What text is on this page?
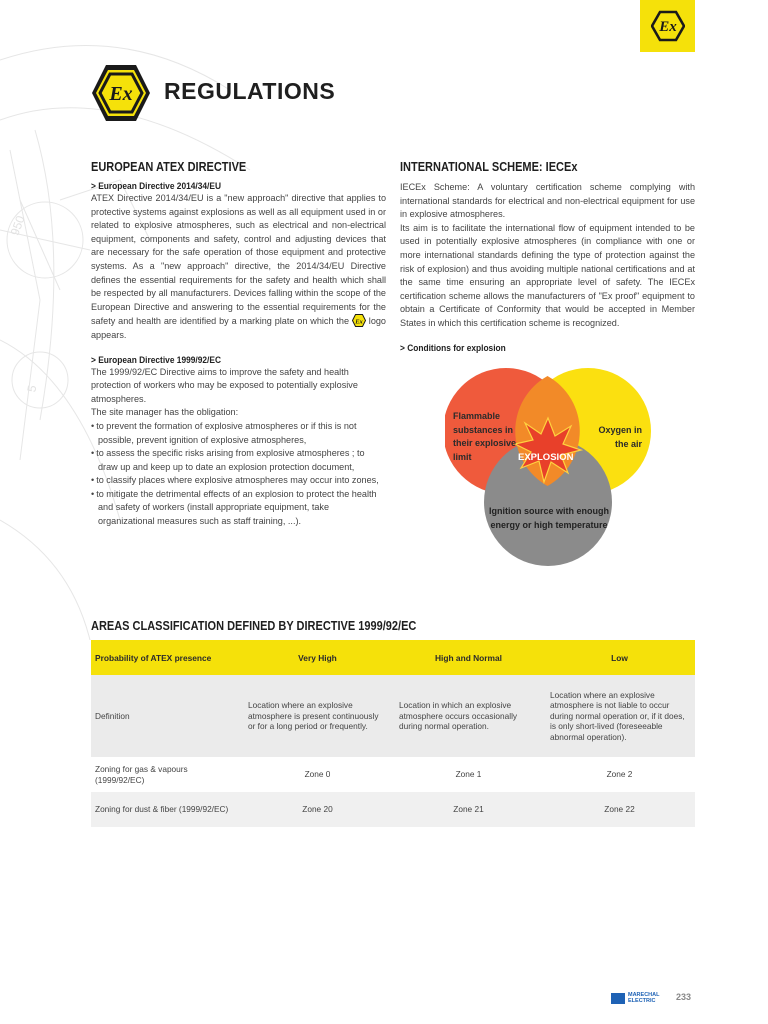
950
5
Ex
Ex REGULATIONS
EUROPEAN ATEX DIRECTIVE
> European Directive 2014/34/EU

ATEX Directive 2014/34/EU is a "new approach" directive that applies to protective systems against explosions as well as all equipment used in or related to explosive atmospheres, such as electrical and non-electrical equipment, components and safety, control and adjusting devices that are necessary for the safe operation of those equipment and protective systems. As a "new approach" directive, the 2014/34/EU Directive defines the essential requirements for the safety and health which shall be respected by all manufacturers. Devices falling within the scope of the European Directive and answering to the essential requirements for the safety and health are identified by a marking plate on which the Ex logo appears.

> European Directive 1999/92/EC

The 1999/92/EC Directive aims to improve the safety and health protection of workers who may be exposed to potentially explosive atmospheres.

The site manager has the obligation:

• to prevent the formation of explosive atmospheres or if this is not possible, prevent ignition of explosive atmospheres,
• to assess the specific risks arising from explosive atmospheres ; to draw up and keep up to date an explosion protection document,
• to classify places where explosive atmospheres may occur into zones,
• to mitigate the detrimental effects of an explosion to protect the health and safety of workers (install appropriate equipment, take organizational measures such as staff training, ...).
INTERNATIONAL SCHEME: IECEx

IECEx Scheme: A voluntary certification scheme complying with international standards for electrical and non-electrical equipment for use in explosive atmospheres.

Its aim is to facilitate the international flow of equipment intended to be used in potentially explosive atmospheres (in compliance with one or more international standards defining the type of protection against the risk of explosion) and thus avoiding multiple national certifications and at the same time ensuring an appropriate level of safety. The IECEx certification scheme allows the manufacturers of "Ex proof" equipment to obtain a Certificate of Conformity that would be accepted in Member States in which this certification scheme is recognized.

> Conditions for explosion
Flammable
substances in
their explosive
limit
Oxygen in
the air
Ignition source with enough
energy or high temperature
EXPLOSION
AREAS CLASSIFICATION DEFINED BY DIRECTIVE 1999/92/EC
Probability of ATEX presence	Very High	High and Normal	Low
Definition	Location where an explosive atmosphere is present continuously or for a long period or frequently.	Location in which an explosive atmosphere occurs occasionally during normal operation.	Location where an explosive atmosphere is not liable to occur during normal operation or, if it does, is only short-lived (foreseeable abnormal operation).
Zoning for gas & vapours (1999/92/EC)	Zone 0	Zone 1	Zone 2
Zoning for dust & fiber (1999/92/EC)	Zone 20	Zone 21	Zone 22
MARECHAL
ELECTRIC	233
